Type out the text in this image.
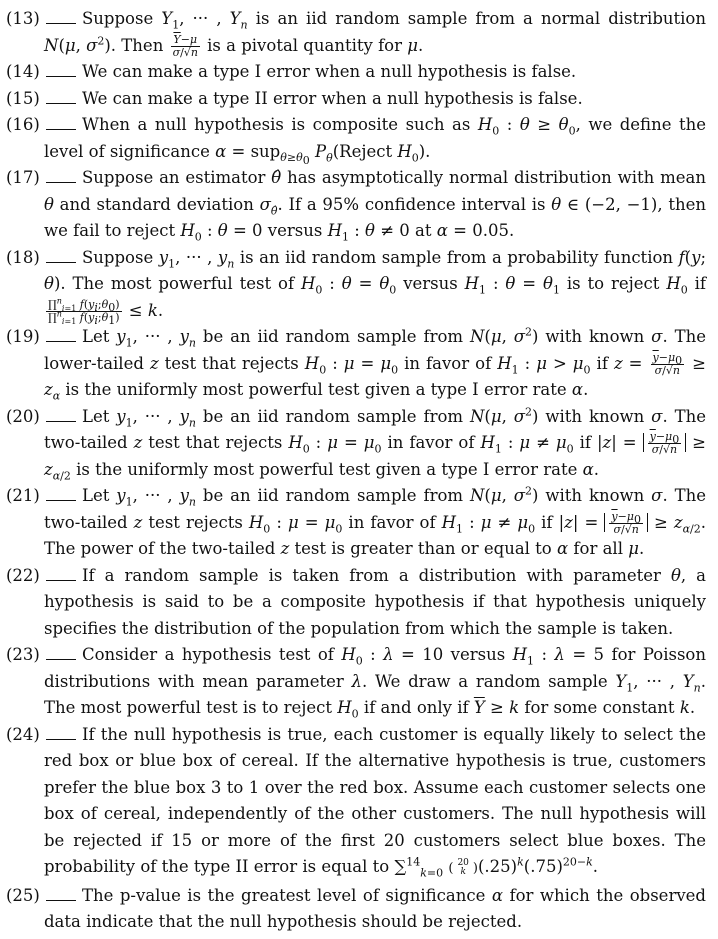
(13)	Suppose $Y_1$, ··· , $Y_n$ is an iid random sample from a normal distribution N(μ, $\sigma^2$). Then $\frac{\overline{Y}-\mu}{\sigma/√n}$ is a pivotal quantity for μ.
(14)	We can make a type I error when a null hypothesis is false.
(15)	We can make a type II error when a null hypothesis is false.
(16)	When a null hypothesis is composite such as $H_0$ : $\theta \ge \theta_0$, we define the level of significance α = sup$_{\theta\ge\theta_0}$ $P_\theta(Reject$ $H_0$).
(17)	Suppose an estimator θ̂ has asymptotically normal distribution with mean θ and standard deviation $\sigma_{\thetâ}$. If a 95% confidence interval is θ ∈ (−2, −1), then we fail to reject $H_0$ : θ = 0 versus $H_1$ : θ ≠ 0 at α = 0.05.
(18)	Suppose $y_1$, ··· , $y_n$ is an iid random sample from a probability function f(y; θ). The most powerful test of $H_0$ : $\theta = \theta_0$ versus $H_1$ : $\theta = \theta_1$ is to reject $H_0$ if
$\frac{\prod^n_{i=1} f(y_i;\theta_0)}{\prod^n_{i=1} f(y_i;\theta_1)} \le k$.
(19)	Let $y_1$, ··· , $y_n$ be an iid random sample from N(μ, $\sigma^2$) with known σ. The lower-tailed z test that rejects $H_0$ : $\mu = \mu_0$ in favor of $H_1$ : $\mu > \mu_0$ if $z = \frac{\overline{y}-\mu_0}{\sigma/√n} \ge z_\alpha$ is the uniformly most powerful test given a type I error rate α.
(20)	Let $y_1$, ··· , $y_n$ be an iid random sample from N(μ, $\sigma^2$) with known σ. The two-tailed z test that rejects $H_0$ : $\mu = \mu_0$ in favor of $H_1$ : $\mu \ne \mu_0$ if $|z| = \frac{\overline{y}-\mu_0}{\sigma/√n} \ge z_{\alpha/2}$ is the uniformly most powerful test given a type I error rate α.
(21)	Let $y_1$, ··· , $y_n$ be an iid random sample from N(μ, $\sigma^2$) with known σ. The two-tailed z test rejects $H_0$ : $\mu = \mu_0$ in favor of $H_1$ : $\mu \ne \mu_0$ if $|z| = \frac{\overline{y}-\mu_0}{\sigma/√n} \ge z_{\alpha/2}$. The power of the two-tailed z test is greater than or equal to α for all μ.
(22)	If a random sample is taken from a distribution with parameter θ, a hypothesis is said to be a composite hypothesis if that hypothesis uniquely specifies the distribution of the population from which the sample is taken.
(23)	Consider a hypothesis test of $H_0$ : λ = 10 versus $H_1$ : λ = 5 for Poisson distributions with mean parameter λ. We draw a random sample $Y_1$, ··· , $Y_n$. The most powerful test is to reject $H_0$ if and only if $\overline{Y} \ge k$ for some constant k.
(24)	If the null hypothesis is true, each customer is equally likely to select the red box or blue box of cereal. If the alternative hypothesis is true, customers prefer the blue box 3 to 1 over the red box. Assume each customer selects one box of cereal, independently of the other customers. The null hypothesis will be rejected if 15 or more of the first 20 customers select blue boxes. The probability of the type II error is equal to ∑$^{14}_{k=0}$ ( 20
k )$(.25)^k(.75)^{20-k}$.
(25)	The p-value is the greatest level of significance α for which the observed data indicate that the null hypothesis should be rejected.
